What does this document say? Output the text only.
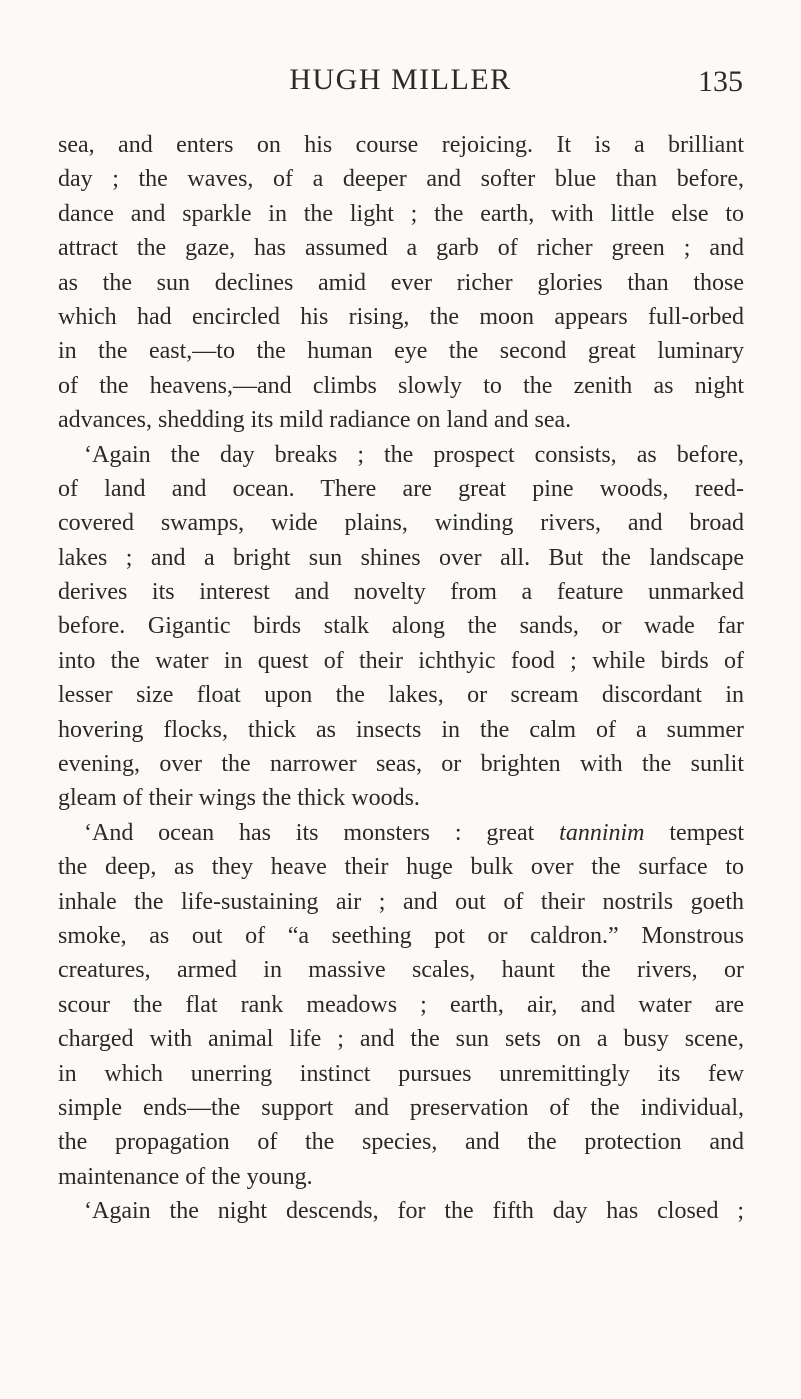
HUGH MILLER	135
sea, and enters on his course rejoicing. It is a brilliant
day ; the waves, of a deeper and softer blue than before,
dance and sparkle in the light ; the earth, with little else to
attract the gaze, has assumed a garb of richer green ; and
as the sun declines amid ever richer glories than those
which had encircled his rising, the moon appears full-orbed
in the east,—to the human eye the second great luminary
of the heavens,—and climbs slowly to the zenith as night
advances, shedding its mild radiance on land and sea.
‘Again the day breaks ; the prospect consists, as before,
of land and ocean. There are great pine woods, reed-
covered swamps, wide plains, winding rivers, and broad
lakes ; and a bright sun shines over all. But the landscape
derives its interest and novelty from a feature unmarked
before. Gigantic birds stalk along the sands, or wade far
into the water in quest of their ichthyic food ; while birds of
lesser size float upon the lakes, or scream discordant in
hovering flocks, thick as insects in the calm of a summer
evening, over the narrower seas, or brighten with the sunlit
gleam of their wings the thick woods.
‘And ocean has its monsters : great tanninim tempest
the deep, as they heave their huge bulk over the surface to
inhale the life-sustaining air ; and out of their nostrils goeth
smoke, as out of “a seething pot or caldron.” Monstrous
creatures, armed in massive scales, haunt the rivers, or
scour the flat rank meadows ; earth, air, and water are
charged with animal life ; and the sun sets on a busy scene,
in which unerring instinct pursues unremittingly its few
simple ends—the support and preservation of the individual,
the propagation of the species, and the protection and
maintenance of the young.
‘Again the night descends, for the fifth day has closed ;
